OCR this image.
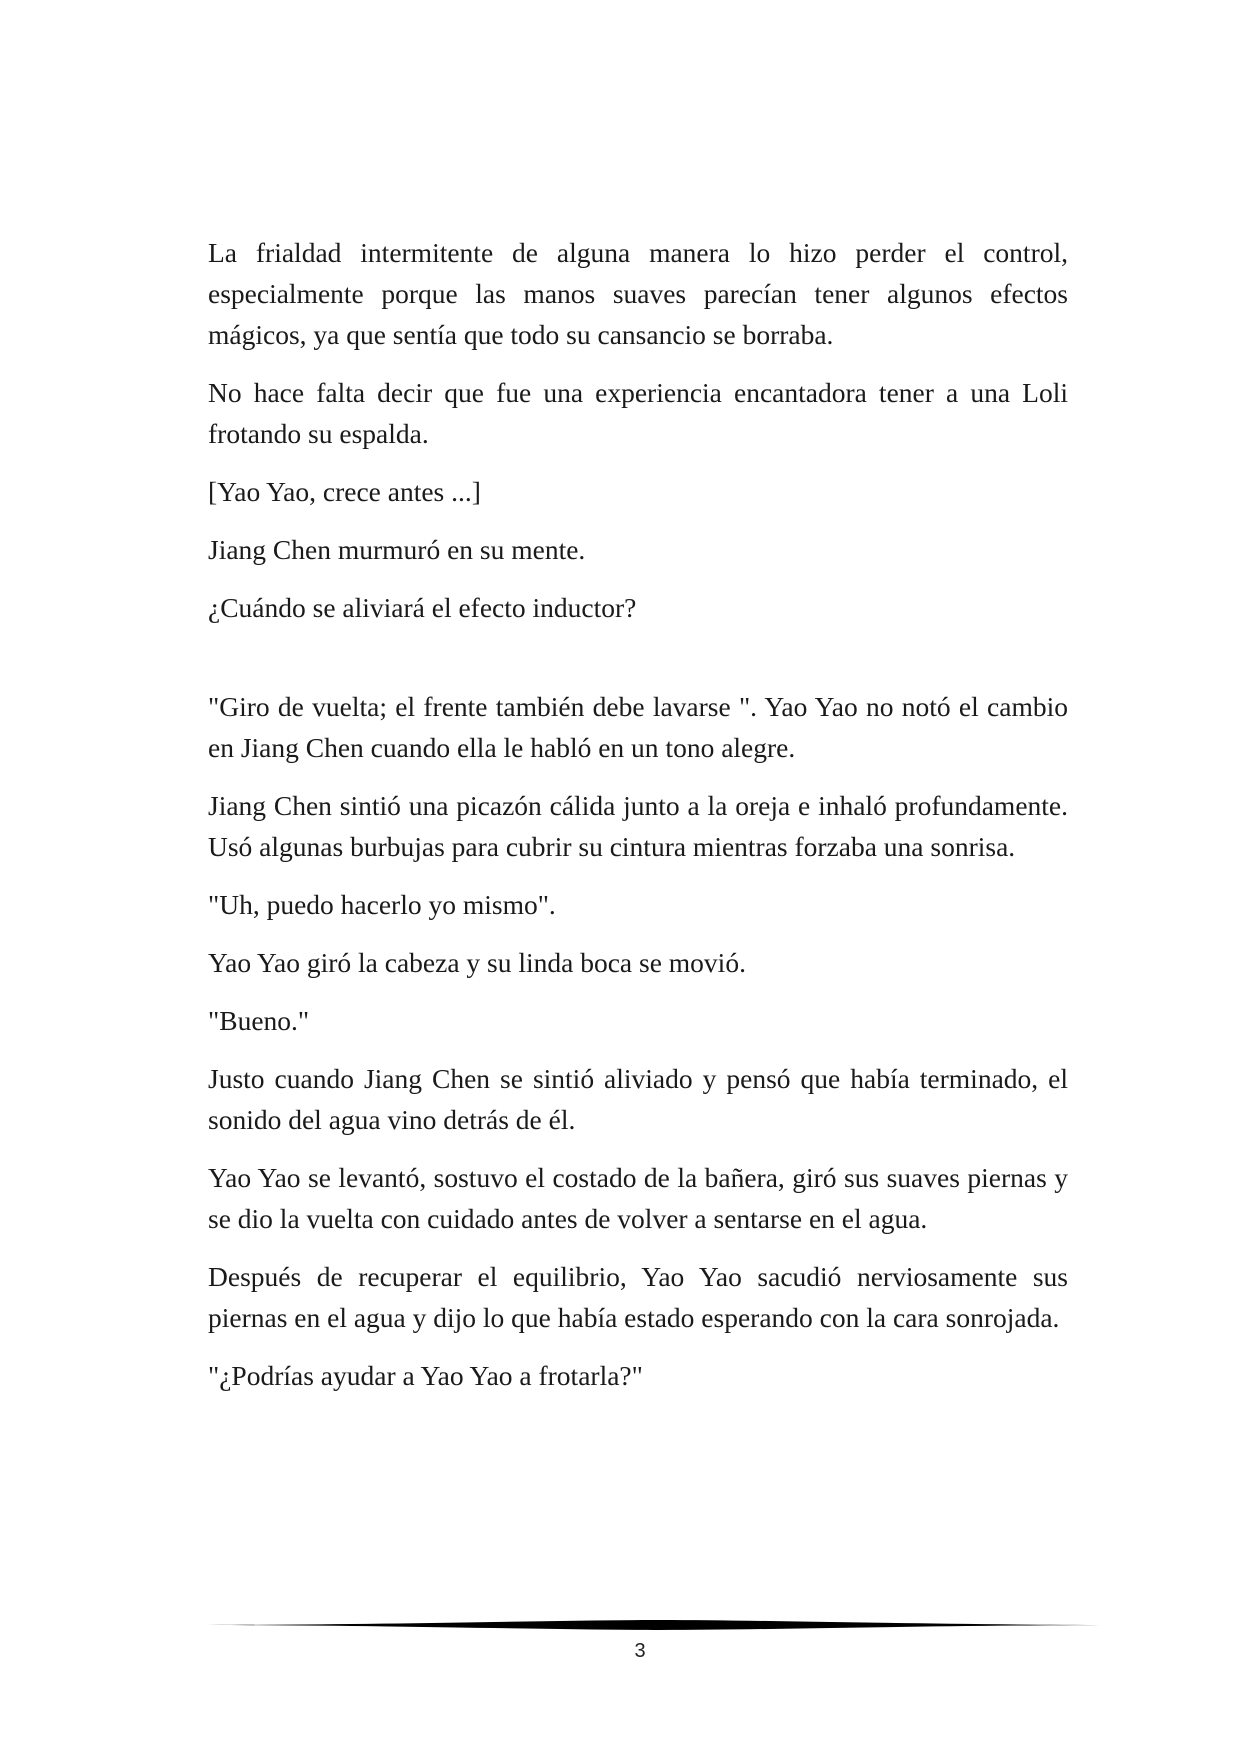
La frialdad intermitente de alguna manera lo hizo perder el control, especialmente porque las manos suaves parecían tener algunos efectos mágicos, ya que sentía que todo su cansancio se borraba.

No hace falta decir que fue una experiencia encantadora tener a una Loli frotando su espalda.

[Yao Yao, crece antes ...]

Jiang Chen murmuró en su mente.

¿Cuándo se aliviará el efecto inductor?

"Giro de vuelta; el frente también debe lavarse ". Yao Yao no notó el cambio en Jiang Chen cuando ella le habló en un tono alegre.

Jiang Chen sintió una picazón cálida junto a la oreja e inhaló profundamente. Usó algunas burbujas para cubrir su cintura mientras forzaba una sonrisa.

"Uh, puedo hacerlo yo mismo".

Yao Yao giró la cabeza y su linda boca se movió.

"Bueno."

Justo cuando Jiang Chen se sintió aliviado y pensó que había terminado, el sonido del agua vino detrás de él.

Yao Yao se levantó, sostuvo el costado de la bañera, giró sus suaves piernas y se dio la vuelta con cuidado antes de volver a sentarse en el agua.

Después de recuperar el equilibrio, Yao Yao sacudió nerviosamente sus piernas en el agua y dijo lo que había estado esperando con la cara sonrojada.

"¿Podrías ayudar a Yao Yao a frotarla?"

3
